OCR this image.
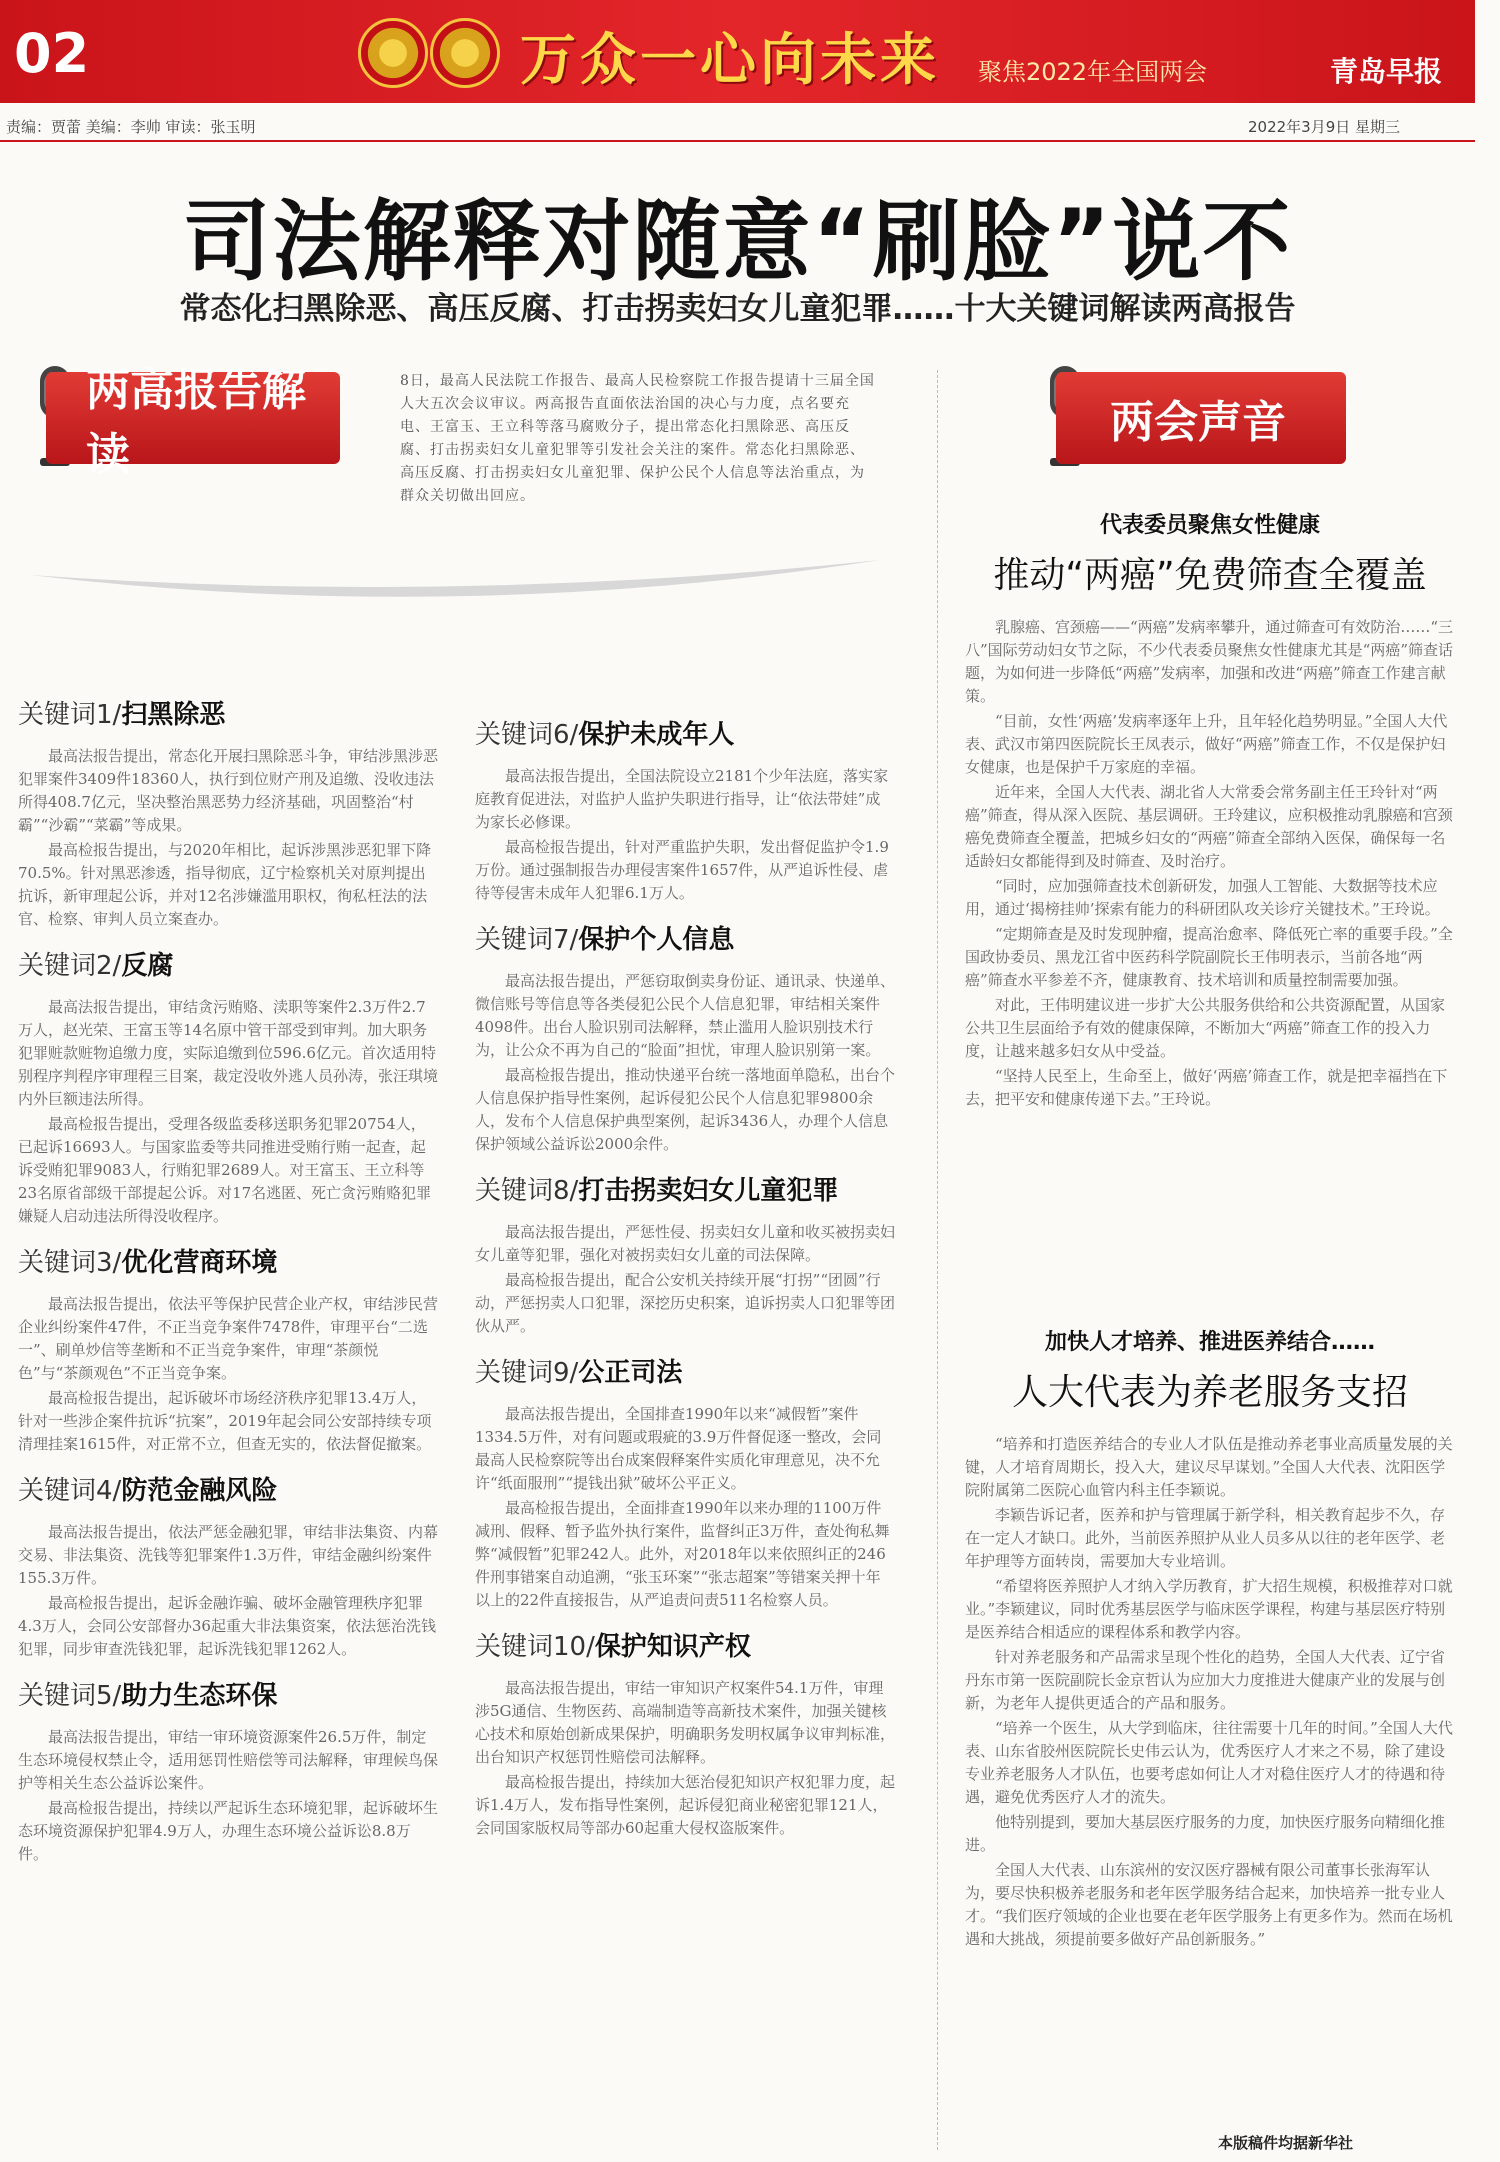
02	万众一心向未来 聚焦2022年全国两会	青岛早报
责编：贾蕾 美编：李帅 审读：张玉明	2022年3月9日 星期三
司法解释对随意“刷脸”说不
常态化扫黑除恶、高压反腐、打击拐卖妇女儿童犯罪……十大关键词解读两高报告
两高报告解读
8日，最高人民法院工作报告、最高人民检察院工作报告提请十三届全国人大五次会议审议。两高报告直面依法治国的决心与力度，点名要充电、王富玉、王立科等落马腐败分子，提出常态化扫黑除恶、高压反腐、打击拐卖妇女儿童犯罪等引发社会关注的案件。常态化扫黑除恶、高压反腐、打击拐卖妇女儿童犯罪、保护公民个人信息等法治重点，为群众关切做出回应。
关键词1/扫黑除恶

最高法报告提出，常态化开展扫黑除恶斗争，审结涉黑涉恶犯罪案件3409件18360人，执行到位财产刑及追缴、没收违法所得408.7亿元，坚决整治黑恶势力经济基础，巩固整治“村霸”“沙霸”“菜霸”等成果。

最高检报告提出，与2020年相比，起诉涉黑涉恶犯罪下降70.5%。针对黑恶渗透，指导彻底，辽宁检察机关对原判提出抗诉，新审理起公诉，并对12名涉嫌滥用职权，徇私枉法的法官、检察、审判人员立案查办。

关键词2/反腐

最高法报告提出，审结贪污贿赂、渎职等案件2.3万件2.7万人，赵光荣、王富玉等14名原中管干部受到审判。加大职务犯罪赃款赃物追缴力度，实际追缴到位596.6亿元。首次适用特别程序判程序审理程三目案，裁定没收外逃人员孙涛，张汪琪境内外巨额违法所得。

最高检报告提出，受理各级监委移送职务犯罪20754人，已起诉16693人。与国家监委等共同推进受贿行贿一起查，起诉受贿犯罪9083人，行贿犯罪2689人。对王富玉、王立科等23名原省部级干部提起公诉。对17名逃匿、死亡贪污贿赂犯罪嫌疑人启动违法所得没收程序。

关键词3/优化营商环境

最高法报告提出，依法平等保护民营企业产权，审结涉民营企业纠纷案件47件，不正当竞争案件7478件，审理平台“二选一”、刷单炒信等垄断和不正当竞争案件，审理“茶颜悦色”与“茶颜观色”不正当竞争案。

最高检报告提出，起诉破坏市场经济秩序犯罪13.4万人，针对一些涉企案件抗诉“抗案”，2019年起会同公安部持续专项清理挂案1615件，对正常不立，但查无实的，依法督促撤案。

关键词4/防范金融风险

最高法报告提出，依法严惩金融犯罪，审结非法集资、内幕交易、非法集资、洗钱等犯罪案件1.3万件，审结金融纠纷案件155.3万件。

最高检报告提出，起诉金融诈骗、破坏金融管理秩序犯罪4.3万人，会同公安部督办36起重大非法集资案，依法惩治洗钱犯罪，同步审查洗钱犯罪，起诉洗钱犯罪1262人。

关键词5/助力生态环保

最高法报告提出，审结一审环境资源案件26.5万件，制定生态环境侵权禁止令，适用惩罚性赔偿等司法解释，审理候鸟保护等相关生态公益诉讼案件。

最高检报告提出，持续以严起诉生态环境犯罪，起诉破坏生态环境资源保护犯罪4.9万人，办理生态环境公益诉讼8.8万件。

关键词6/保护未成年人

最高法报告提出，全国法院设立2181个少年法庭，落实家庭教育促进法，对监护人监护失职进行指导，让“依法带娃”成为家长必修课。

最高检报告提出，针对严重监护失职，发出督促监护令1.9万份。通过强制报告办理侵害案件1657件，从严追诉性侵、虐待等侵害未成年人犯罪6.1万人。

关键词7/保护个人信息

最高法报告提出，严惩窃取倒卖身份证、通讯录、快递单、微信账号等信息等各类侵犯公民个人信息犯罪，审结相关案件4098件。出台人脸识别司法解释，禁止滥用人脸识别技术行为，让公众不再为自己的“脸面”担忧，审理人脸识别第一案。

最高检报告提出，推动快递平台统一落地面单隐私，出台个人信息保护指导性案例，起诉侵犯公民个人信息犯罪9800余人，发布个人信息保护典型案例，起诉3436人，办理个人信息保护领域公益诉讼2000余件。

关键词8/打击拐卖妇女儿童犯罪

最高法报告提出，严惩性侵、拐卖妇女儿童和收买被拐卖妇女儿童等犯罪，强化对被拐卖妇女儿童的司法保障。

最高检报告提出，配合公安机关持续开展“打拐”“团圆”行动，严惩拐卖人口犯罪，深挖历史积案，追诉拐卖人口犯罪等团伙从严。

关键词9/公正司法

最高法报告提出，全国排查1990年以来“减假暂”案件1334.5万件，对有问题或瑕疵的3.9万件督促逐一整改，会同最高人民检察院等出台成案假释案件实质化审理意见，决不允许“纸面服刑”“提钱出狱”破坏公平正义。

最高检报告提出，全面排查1990年以来办理的1100万件减刑、假释、暂予监外执行案件，监督纠正3万件，查处徇私舞弊“减假暂”犯罪242人。此外，对2018年以来依照纠正的246件刑事错案自动追溯，“张玉环案”“张志超案”等错案关押十年以上的22件直接报告，从严追责问责511名检察人员。

关键词10/保护知识产权

最高法报告提出，审结一审知识产权案件54.1万件，审理涉5G通信、生物医药、高端制造等高新技术案件，加强关键核心技术和原始创新成果保护，明确职务发明权属争议审判标准，出台知识产权惩罚性赔偿司法解释。

最高检报告提出，持续加大惩治侵犯知识产权犯罪力度，起诉1.4万人，发布指导性案例，起诉侵犯商业秘密犯罪121人，会同国家版权局等部办60起重大侵权盗版案件。

两会声音
代表委员聚焦女性健康
推动“两癌”免费筛查全覆盖

乳腺癌、宫颈癌——“两癌”发病率攀升，通过筛查可有效防治……“三八”国际劳动妇女节之际，不少代表委员聚焦女性健康尤其是“两癌”筛查话题，为如何进一步降低“两癌”发病率，加强和改进“两癌”筛查工作建言献策。

“目前，女性‘两癌’发病率逐年上升，且年轻化趋势明显。”全国人大代表、武汉市第四医院院长王凤表示，做好“两癌”筛查工作，不仅是保护妇女健康，也是保护千万家庭的幸福。

近年来，全国人大代表、湖北省人大常委会常务副主任王玲针对“两癌”筛查，得从深入医院、基层调研。王玲建议，应积极推动乳腺癌和宫颈癌免费筛查全覆盖，把城乡妇女的“两癌”筛查全部纳入医保，确保每一名适龄妇女都能得到及时筛查、及时治疗。

“同时，应加强筛查技术创新研发，加强人工智能、大数据等技术应用，通过‘揭榜挂帅’探索有能力的科研团队攻关诊疗关键技术。”王玲说。

“定期筛查是及时发现肿瘤，提高治愈率、降低死亡率的重要手段。”全国政协委员、黑龙江省中医药科学院副院长王伟明表示，当前各地“两癌”筛查水平参差不齐，健康教育、技术培训和质量控制需要加强。

对此，王伟明建议进一步扩大公共服务供给和公共资源配置，从国家公共卫生层面给予有效的健康保障，不断加大“两癌”筛查工作的投入力度，让越来越多妇女从中受益。

“坚持人民至上，生命至上，做好‘两癌’筛查工作，就是把幸福挡在下去，把平安和健康传递下去。”王玲说。

加快人才培养、推进医养结合……
人大代表为养老服务支招

“培养和打造医养结合的专业人才队伍是推动养老事业高质量发展的关键，人才培育周期长，投入大，建议尽早谋划。”全国人大代表、沈阳医学院附属第二医院心血管内科主任李颖说。

李颖告诉记者，医养和护与管理属于新学科，相关教育起步不久，存在一定人才缺口。此外，当前医养照护从业人员多从以往的老年医学、老年护理等方面转岗，需要加大专业培训。

“希望将医养照护人才纳入学历教育，扩大招生规模，积极推荐对口就业。”李颖建议，同时优秀基层医学与临床医学课程，构建与基层医疗特别是医养结合相适应的课程体系和教学内容。

针对养老服务和产品需求呈现个性化的趋势，全国人大代表、辽宁省丹东市第一医院副院长金京哲认为应加大力度推进大健康产业的发展与创新，为老年人提供更适合的产品和服务。

“培养一个医生，从大学到临床，往往需要十几年的时间。”全国人大代表、山东省胶州医院院长史伟云认为，优秀医疗人才来之不易，除了建设专业养老服务人才队伍，也要考虑如何让人才对稳住医疗人才的待遇和待遇，避免优秀医疗人才的流失。

他特别提到，要加大基层医疗服务的力度，加快医疗服务向精细化推进。

全国人大代表、山东滨州的安汉医疗器械有限公司董事长张海军认为，要尽快积极养老服务和老年医学服务结合起来，加快培养一批专业人才。“我们医疗领域的企业也要在老年医学服务上有更多作为。然而在场机遇和大挑战，须提前要多做好产品创新服务。”

本版稿件均据新华社
